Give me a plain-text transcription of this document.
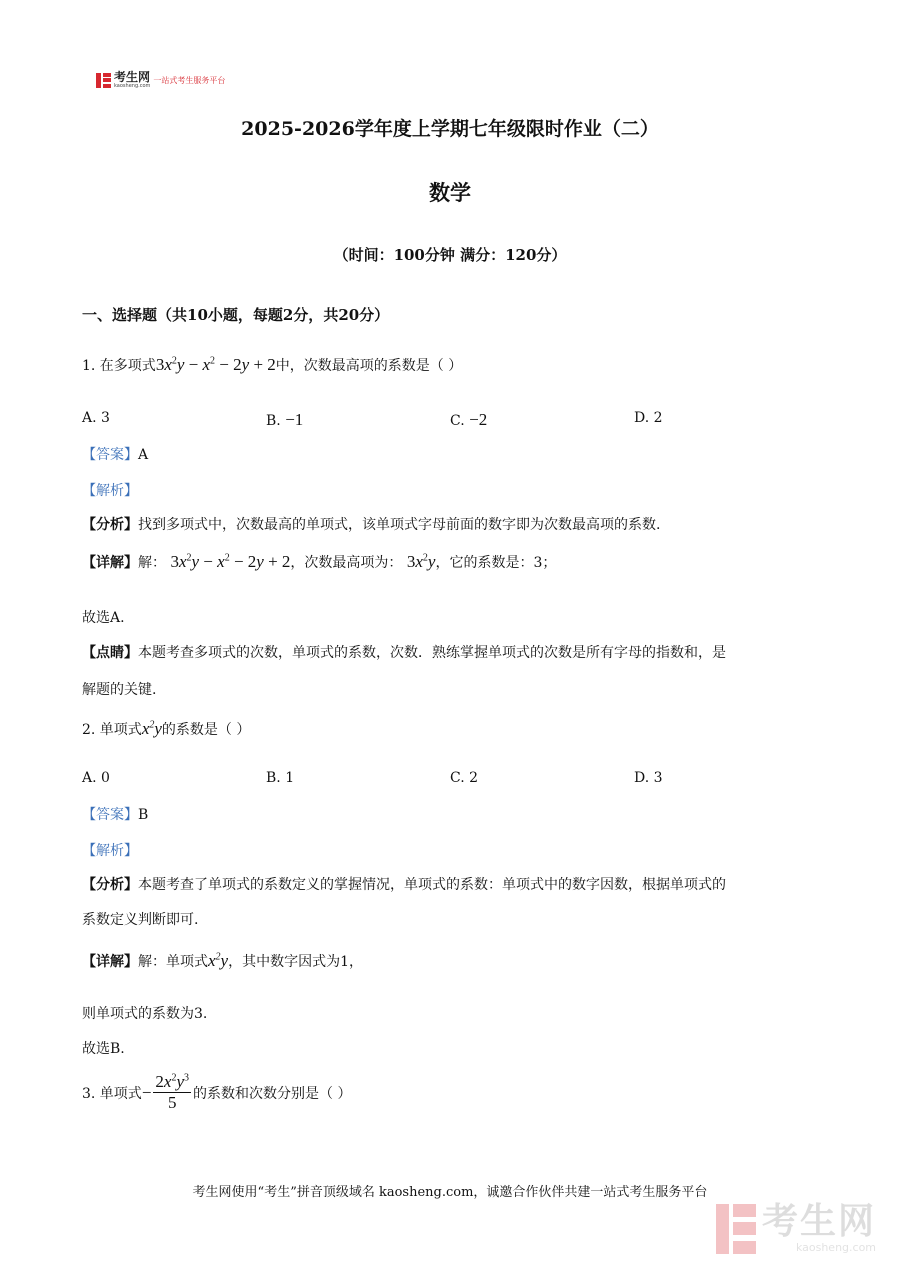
考生网
kaosheng.com
一站式考生服务平台
2025-2026学年度上学期七年级限时作业（二）
数学
（时间：100分钟 满分：120分）
一、选择题（共10小题，每题2分，共20分）
1. 在多项式$3x^2y - x^2 - 2y + 2$中，次数最高项的系数是（ ）
A. 3	B. −1	C. −2	D. 2
【答案】A
【解析】
【分析】找到多项式中，次数最高的单项式，该单项式字母前面的数字即为次数最高项的系数.
【详解】解： $3x^2y - x^2 - 2y + 2$，次数最高项为： $3x^2y$，它的系数是：3；
故选A.
【点睛】本题考查多项式的次数，单项式的系数，次数．熟练掌握单项式的次数是所有字母的指数和，是
解题的关键.
2. 单项式$x^2y$的系数是（ ）
A. 0	B. 1	C. 2	D. 3
【答案】B
【解析】
【分析】本题考查了单项式的系数定义的掌握情况，单项式的系数：单项式中的数字因数，根据单项式的
系数定义判断即可.
【详解】解：单项式$x^2y$，其中数字因式为1，
则单项式的系数为3.
故选B.
3. 单项式 − $\frac{2x^2y^3}{5}$ 的系数和次数分别是（ ）
考生网使用“考生”拼音顶级域名 kaosheng.com，诚邀合作伙伴共建一站式考生服务平台
考生网
kaosheng.com
